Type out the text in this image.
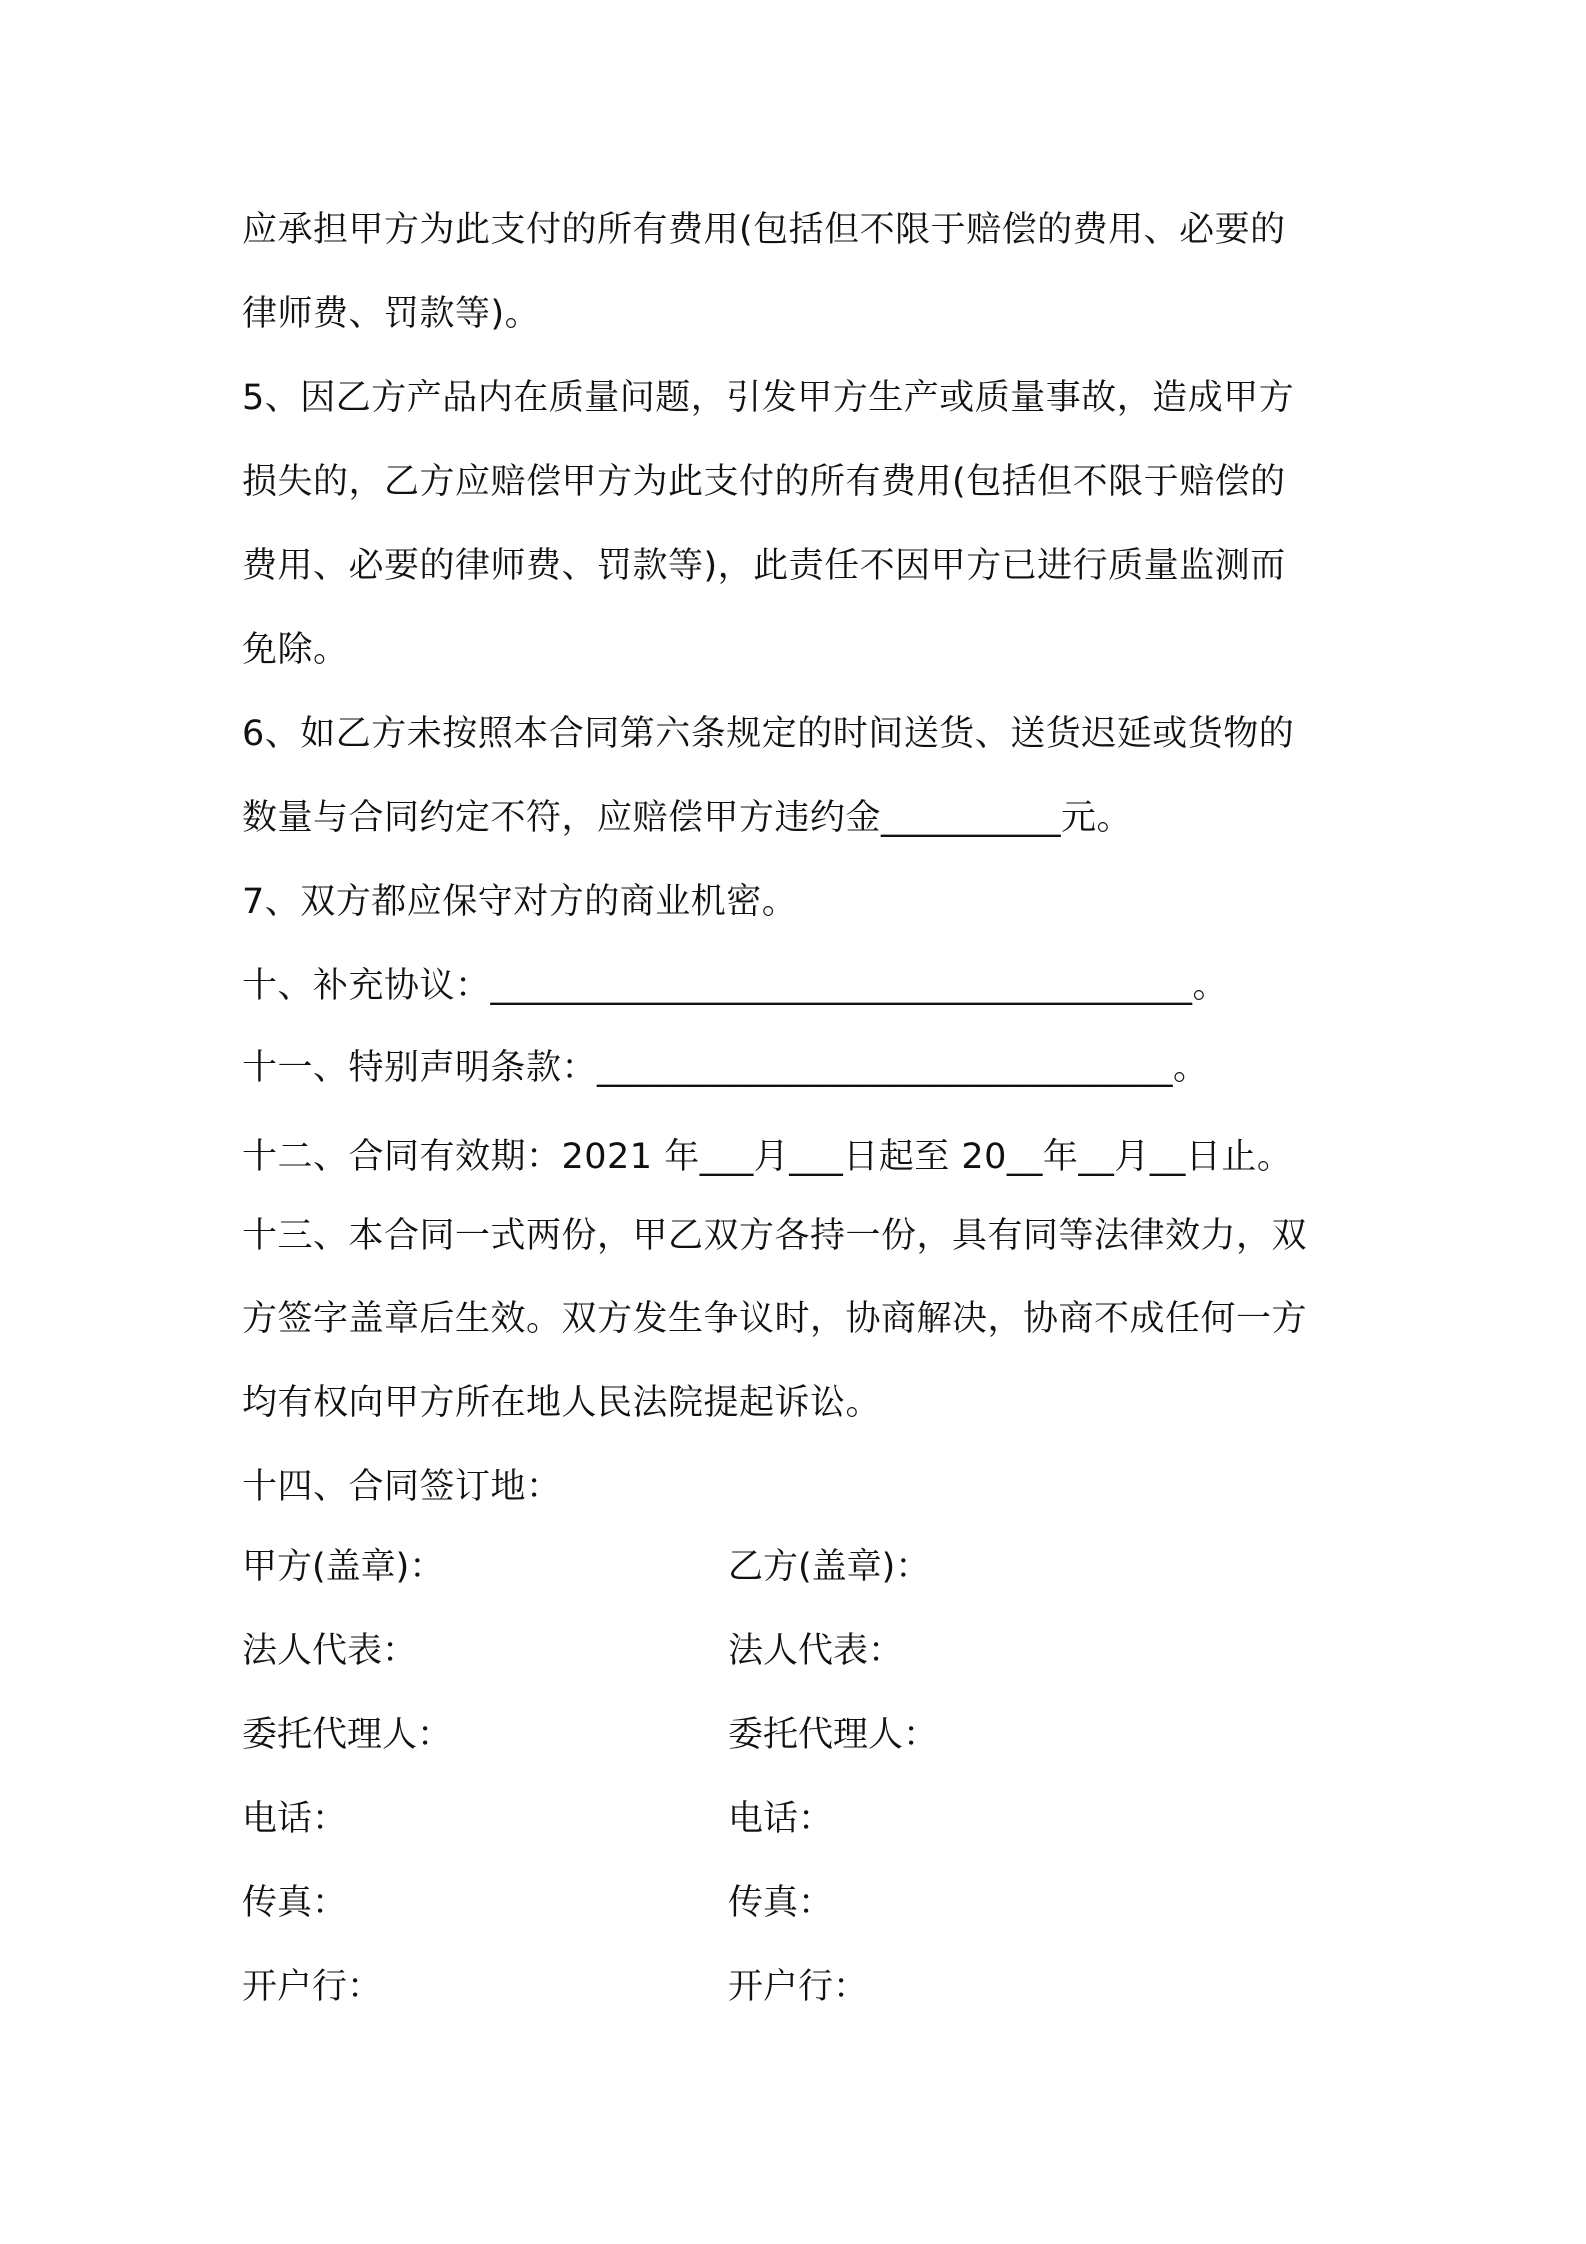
应承担甲方为此支付的所有费用(包括但不限于赔偿的费用、必要的
律师费、罚款等)。
5、因乙方产品内在质量问题，引发甲方生产或质量事故，造成甲方
损失的，乙方应赔偿甲方为此支付的所有费用(包括但不限于赔偿的
费用、必要的律师费、罚款等)，此责任不因甲方已进行质量监测而
免除。
6、如乙方未按照本合同第六条规定的时间送货、送货迟延或货物的
数量与合同约定不符，应赔偿甲方违约金__________元。
7、双方都应保守对方的商业机密。
十、补充协议：_______________________________________。
十一、特别声明条款：________________________________。
十二、合同有效期：2021 年___月___日起至 20__年__月__日止。
十三、本合同一式两份，甲乙双方各持一份，具有同等法律效力，双
方签字盖章后生效。双方发生争议时，协商解决，协商不成任何一方
均有权向甲方所在地人民法院提起诉讼。
十四、合同签订地：
甲方(盖章)：	乙方(盖章)：
法人代表：	法人代表：
委托代理人：	委托代理人：
电话：	电话：
传真：	传真：
开户行：	开户行：
